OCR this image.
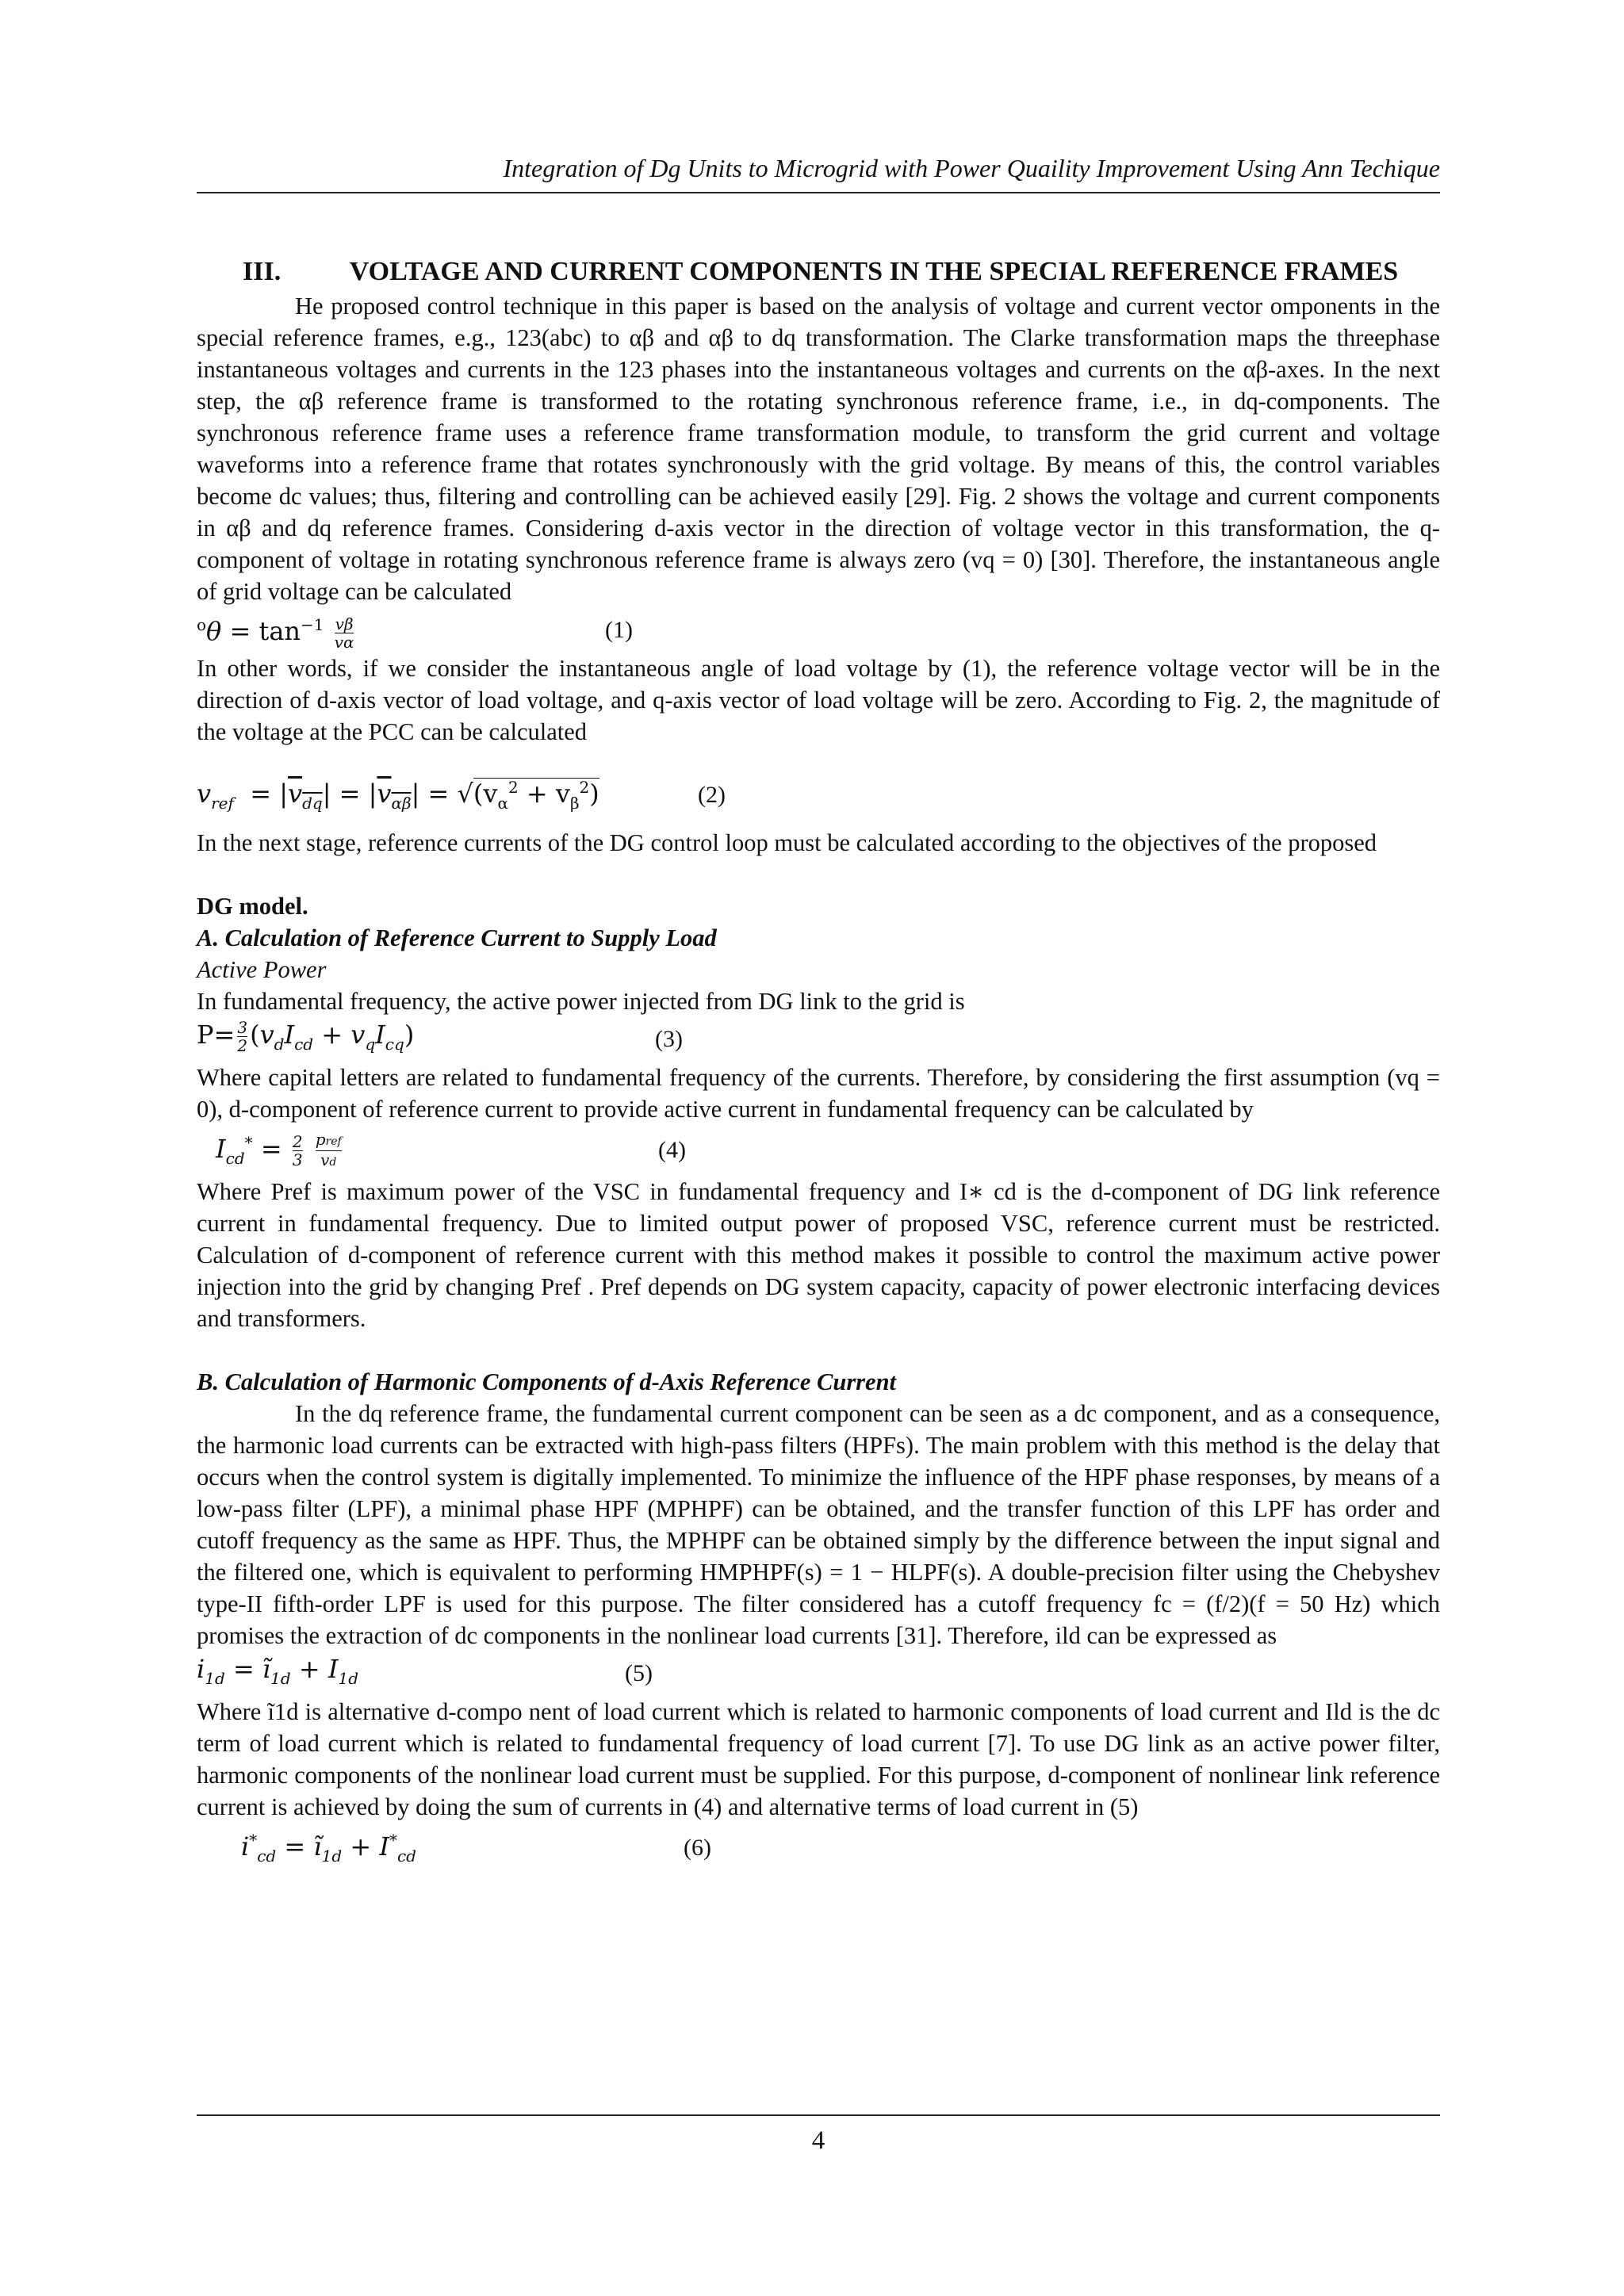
Integration of Dg Units to Microgrid with Power Quaility Improvement Using Ann Techique
III.	VOLTAGE AND CURRENT COMPONENTS IN THE SPECIAL REFERENCE FRAMES

He proposed control technique in this paper is based on the analysis of voltage and current vector omponents in the special reference frames, e.g., 123(abc) to αβ and αβ to dq transformation. The Clarke transformation maps the threephase instantaneous voltages and currents in the 123 phases into the instantaneous voltages and currents on the αβ-axes. In the next step, the αβ reference frame is transformed to the rotating synchronous reference frame, i.e., in dq-components. The synchronous reference frame uses a reference frame transformation module, to transform the grid current and voltage waveforms into a reference frame that rotates synchronously with the grid voltage. By means of this, the control variables become dc values; thus, filtering and controlling can be achieved easily [29]. Fig. 2 shows the voltage and current components in αβ and dq reference frames. Considering d-axis vector in the direction of voltage vector in this transformation, the q-component of voltage in rotating synchronous reference frame is always zero (vq = 0) [30]. Therefore, the instantaneous angle of grid voltage can be calculated

$^o\theta = \tan^{-1} \frac{v\beta}{v\alpha}$	(1)

In other words, if we consider the instantaneous angle of load voltage by (1), the reference voltage vector will be in the direction of d-axis vector of load voltage, and q-axis vector of load voltage will be zero. According to Fig. 2, the magnitude of the voltage at the PCC can be calculated

$v_{ref} = |\overline{v}_{\overline{dq}}| = |\overline{v}_{\overline{\alpha\beta}}| = √(v_\alpha^2 + v_\beta^2)$	(2)

In the next stage, reference currents of the DG control loop must be calculated according to the objectives of the proposed

DG model.

A. Calculation of Reference Current to Supply Load

Active Power

In fundamental frequency, the active power injected from DG link to the grid is

$P= \frac{3}{2} (v_dI_{cd} + v_qI_{cq})$	(3)

Where capital letters are related to fundamental frequency of the currents. Therefore, by considering the first assumption (vq = 0), d-component of reference current to provide active current in fundamental frequency can be calculated by

$I_{cd}^* = \frac{2}{3}$
$\frac{\text{pref}}{vd}$	(4)

Where Pref is maximum power of the VSC in fundamental frequency and I∗ cd is the d-component of DG link reference current in fundamental frequency. Due to limited output power of proposed VSC, reference current must be restricted. Calculation of d-component of reference current with this method makes it possible to control the maximum active power injection into the grid by changing Pref . Pref depends on DG system capacity, capacity of power electronic interfacing devices and transformers.

B. Calculation of Harmonic Components of d-Axis Reference Current

In the dq reference frame, the fundamental current component can be seen as a dc component, and as a consequence, the harmonic load currents can be extracted with high-pass filters (HPFs). The main problem with this method is the delay that occurs when the control system is digitally implemented. To minimize the influence of the HPF phase responses, by means of a low-pass filter (LPF), a minimal phase HPF (MPHPF) can be obtained, and the transfer function of this LPF has order and cutoff frequency as the same as HPF. Thus, the MPHPF can be obtained simply by the difference between the input signal and the filtered one, which is equivalent to performing HMPHPF(s) = 1 − HLPF(s). A double-precision filter using the Chebyshev type-II fifth-order LPF is used for this purpose. The filter considered has a cutoff frequency fc = (f/2)(f = 50 Hz) which promises the extraction of dc components in the nonlinear load currents [31]. Therefore, ild can be expressed as

$i_{1d}$ = $ĩ_{1d} + I_{1d}$	(5)

Where ĩ1d is alternative d-compo nent of load current which is related to harmonic components of load current and Ild is the dc term of load current which is related to fundamental frequency of load current [7]. To use DG link as an active power filter, harmonic components of the nonlinear load current must be supplied. For this purpose, d-component of nonlinear link reference current is achieved by doing the sum of currents in (4) and alternative terms of load current in (5)

$i^*_{cd}$ = $ĩ_{1d} + I^*_{cd}$	(6)
4
